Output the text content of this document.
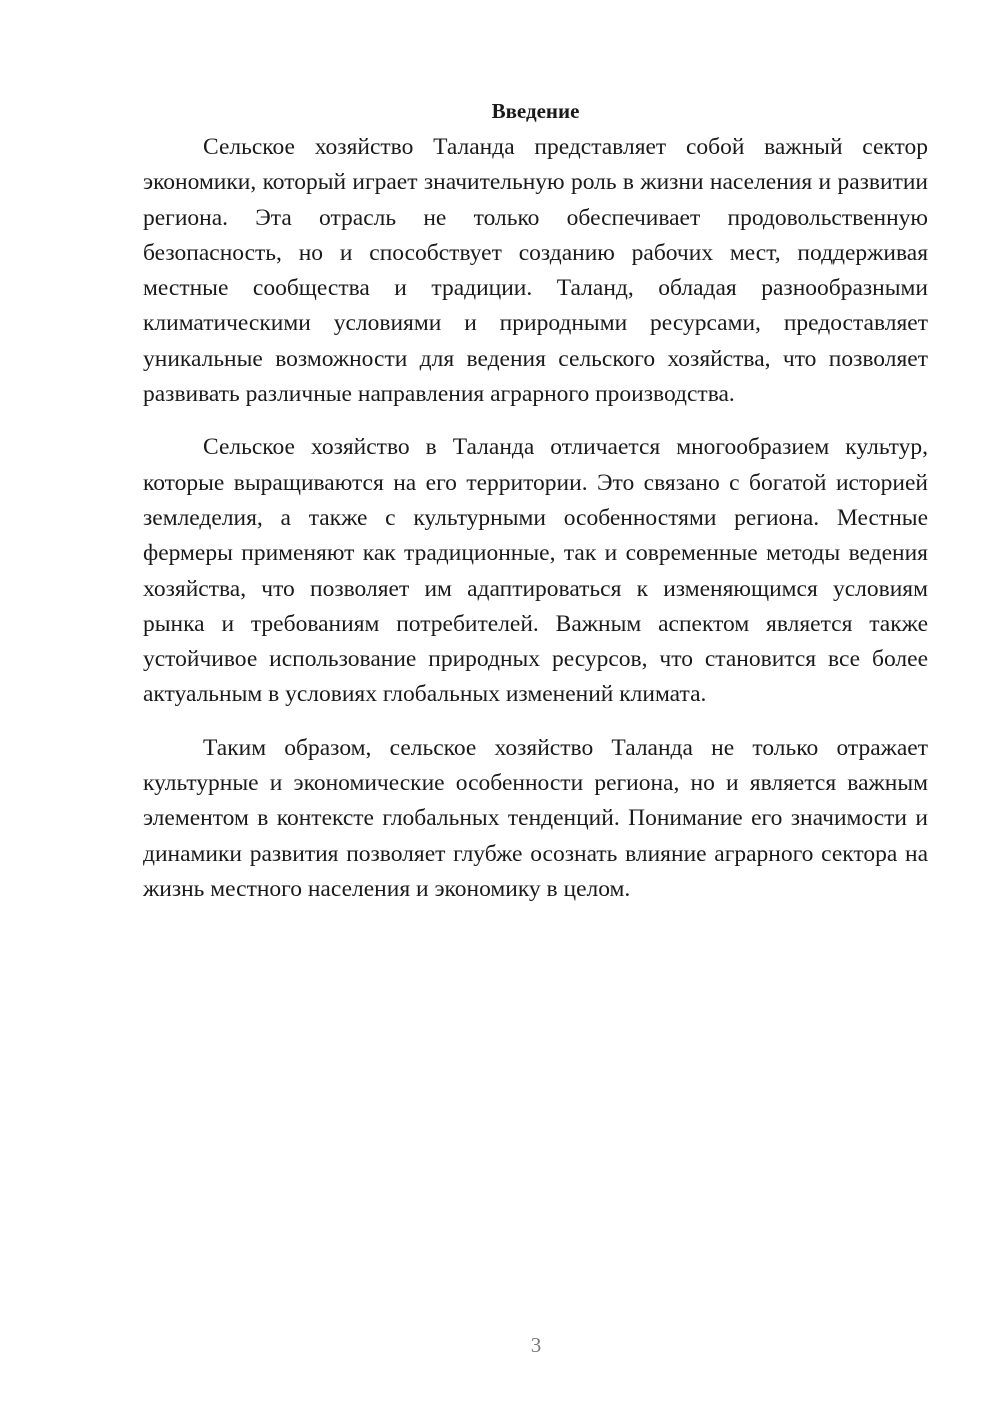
Введение

Сельское хозяйство Таланда представляет собой важный сектор экономики, который играет значительную роль в жизни населения и развитии региона. Эта отрасль не только обеспечивает продовольственную безопасность, но и способствует созданию рабочих мест, поддерживая местные сообщества и традиции. Таланд, обладая разнообразными климатическими условиями и природными ресурсами, предоставляет уникальные возможности для ведения сельского хозяйства, что позволяет развивать различные направления аграрного производства.

Сельское хозяйство в Таланда отличается многообразием культур, которые выращиваются на его территории. Это связано с богатой историей земледелия, а также с культурными особенностями региона. Местные фермеры применяют как традиционные, так и современные методы ведения хозяйства, что позволяет им адаптироваться к изменяющимся условиям рынка и требованиям потребителей. Важным аспектом является также устойчивое использование природных ресурсов, что становится все более актуальным в условиях глобальных изменений климата.

Таким образом, сельское хозяйство Таланда не только отражает культурные и экономические особенности региона, но и является важным элементом в контексте глобальных тенденций. Понимание его значимости и динамики развития позволяет глубже осознать влияние аграрного сектора на жизнь местного населения и экономику в целом.

3
